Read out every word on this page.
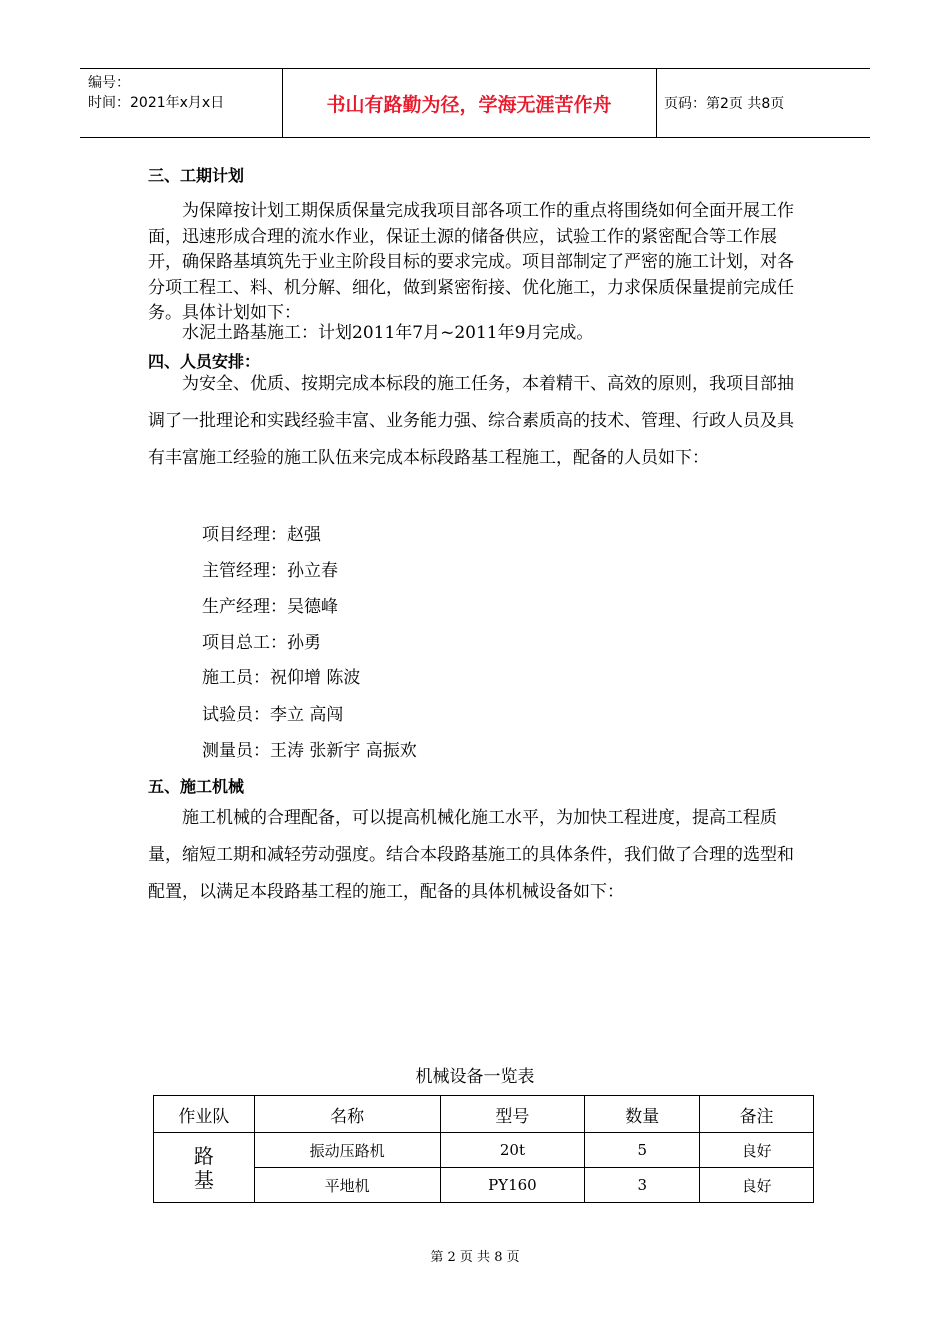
编号：
时间：2021年x月x日	书山有路勤为径，学海无涯苦作舟	页码：第2页 共8页
三、工期计划
为保障按计划工期保质保量完成我项目部各项工作的重点将围绕如何全面开展工作面，迅速形成合理的流水作业，保证土源的储备供应，试验工作的紧密配合等工作展开，确保路基填筑先于业主阶段目标的要求完成。项目部制定了严密的施工计划，对各分项工程工、料、机分解、细化，做到紧密衔接、优化施工，力求保质保量提前完成任务。具体计划如下：
水泥土路基施工：计划2011年7月~2011年9月完成。
四、人员安排：
为安全、优质、按期完成本标段的施工任务，本着精干、高效的原则，我项目部抽调了一批理论和实践经验丰富、业务能力强、综合素质高的技术、管理、行政人员及具有丰富施工经验的施工队伍来完成本标段路基工程施工，配备的人员如下：
项目经理：赵强
主管经理：孙立春
生产经理：吴德峰
项目总工：孙勇
施工员：祝仰增 陈波
试验员：李立 高闯
测量员：王涛 张新宇 高振欢
五、施工机械
施工机械的合理配备，可以提高机械化施工水平，为加快工程进度，提高工程质量，缩短工期和减轻劳动强度。结合本段路基施工的具体条件，我们做了合理的选型和配置，以满足本段路基工程的施工，配备的具体机械设备如下：
机械设备一览表
作业队	名称	型号	数量	备注

路
基	振动压路机	20t	5	良好
	平地机	PY160	3	良好
第 2 页 共 8 页
